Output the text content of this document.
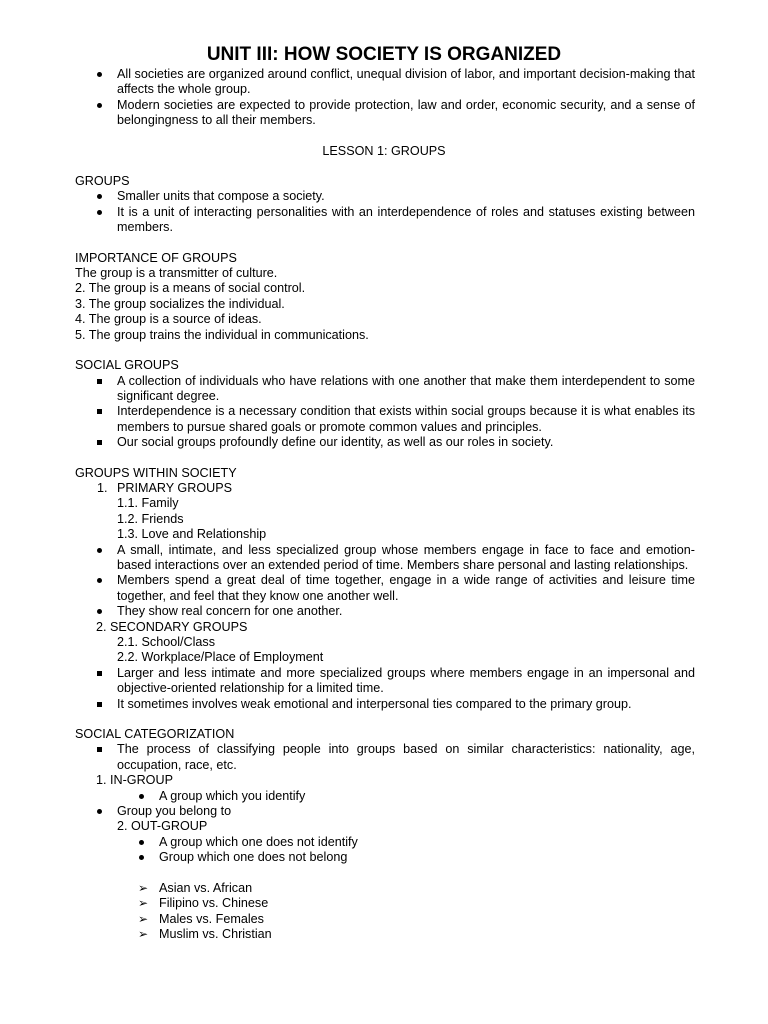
UNIT III: HOW SOCIETY IS ORGANIZED
All societies are organized around conflict, unequal division of labor, and important decision-making that affects the whole group.
Modern societies are expected to provide protection, law and order, economic security, and a sense of belongingness to all their members.
LESSON 1: GROUPS
GROUPS
Smaller units that compose a society.
It is a unit of interacting personalities with an interdependence of roles and statuses existing between members.
IMPORTANCE OF GROUPS
The group is a transmitter of culture.
2. The group is a means of social control.
3. The group socializes the individual.
4. The group is a source of ideas.
5. The group trains the individual in communications.
SOCIAL GROUPS
A collection of individuals who have relations with one another that make them interdependent to some significant degree.
Interdependence is a necessary condition that exists within social groups because it is what enables its members to pursue shared goals or promote common values and principles.
Our social groups profoundly define our identity, as well as our roles in society.
GROUPS WITHIN SOCIETY
1. PRIMARY GROUPS
1.1. Family
1.2. Friends
1.3. Love and Relationship
A small, intimate, and less specialized group whose members engage in face to face and emotion-based interactions over an extended period of time. Members share personal and lasting relationships.
Members spend a great deal of time together, engage in a wide range of activities and leisure time together, and feel that they know one another well.
They show real concern for one another.
2. SECONDARY GROUPS
2.1. School/Class
2.2. Workplace/Place of Employment
Larger and less intimate and more specialized groups where members engage in an impersonal and objective-oriented relationship for a limited time.
It sometimes involves weak emotional and interpersonal ties compared to the primary group.
SOCIAL CATEGORIZATION
The process of classifying people into groups based on similar characteristics: nationality, age, occupation, race, etc.
1. IN-GROUP
A group which you identify
Group you belong to
2. OUT-GROUP
A group which one does not identify
Group which one does not belong
➢ Asian vs. African
➢ Filipino vs. Chinese
➢ Males vs. Females
➢ Muslim vs. Christian
